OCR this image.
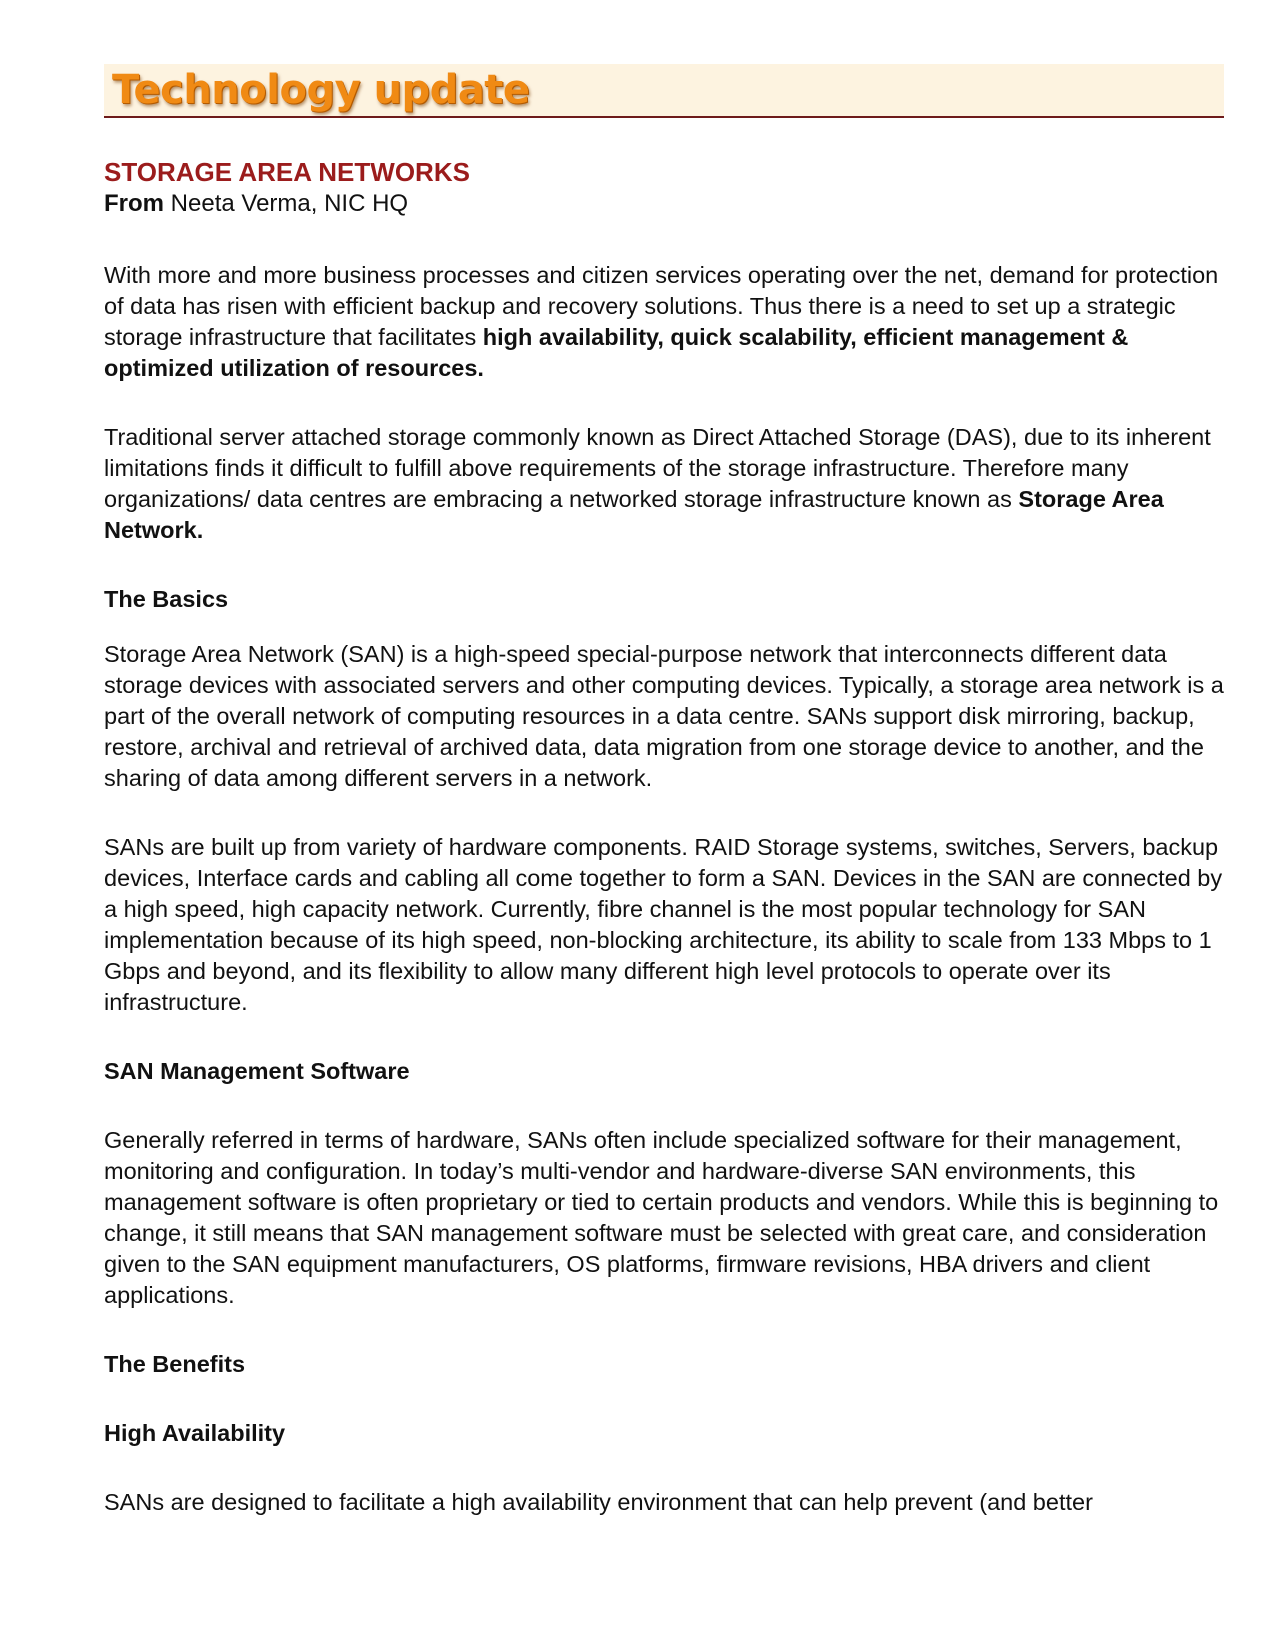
Technology update
STORAGE AREA NETWORKS
From Neeta Verma, NIC HQ

With more and more business processes and citizen services operating over the net, demand for protection of data has risen with efficient backup and recovery solutions. Thus there is a need to set up a strategic storage infrastructure that facilitates high availability, quick scalability, efficient management & optimized utilization of resources.

Traditional server attached storage commonly known as Direct Attached Storage (DAS), due to its inherent limitations finds it difficult to fulfill above requirements of the storage infrastructure. Therefore many organizations/ data centres are embracing a networked storage infrastructure known as Storage Area Network.

The Basics

Storage Area Network (SAN) is a high-speed special-purpose network that interconnects different data storage devices with associated servers and other computing devices. Typically, a storage area network is a part of the overall network of computing resources in a data centre. SANs support disk mirroring, backup, restore, archival and retrieval of archived data, data migration from one storage device to another, and the sharing of data among different servers in a network.

SANs are built up from variety of hardware components. RAID Storage systems, switches, Servers, backup devices, Interface cards and cabling all come together to form a SAN. Devices in the SAN are connected by a high speed, high capacity network. Currently, fibre channel is the most popular technology for SAN implementation because of its high speed, non-blocking architecture, its ability to scale from 133 Mbps to 1 Gbps and beyond, and its flexibility to allow many different high level protocols to operate over its infrastructure.

SAN Management Software

Generally referred in terms of hardware, SANs often include specialized software for their management, monitoring and configuration. In today’s multi-vendor and hardware-diverse SAN environments, this management software is often proprietary or tied to certain products and vendors. While this is beginning to change, it still means that SAN management software must be selected with great care, and consideration given to the SAN equipment manufacturers, OS platforms, firmware revisions, HBA drivers and client applications.

The Benefits
High Availability

SANs are designed to facilitate a high availability environment that can help prevent (and better
